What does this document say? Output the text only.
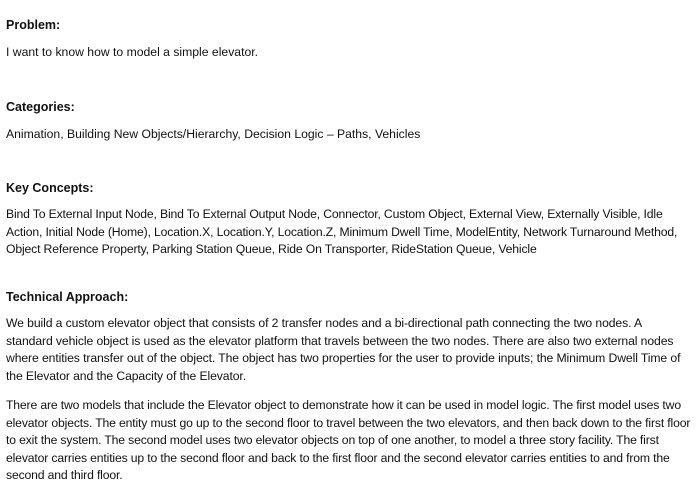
Problem:

I want to know how to model a simple elevator.

Categories:

Animation, Building New Objects/Hierarchy, Decision Logic – Paths, Vehicles

Key Concepts:

Bind To External Input Node, Bind To External Output Node, Connector, Custom Object, External View, Externally Visible, Idle Action, Initial Node (Home), Location.X, Location.Y, Location.Z, Minimum Dwell Time, ModelEntity, Network Turnaround Method, Object Reference Property, Parking Station Queue, Ride On Transporter, RideStation Queue, Vehicle

Technical Approach:

We build a custom elevator object that consists of 2 transfer nodes and a bi-directional path connecting the two nodes. A standard vehicle object is used as the elevator platform that travels between the two nodes. There are also two external nodes where entities transfer out of the object. The object has two properties for the user to provide inputs; the Minimum Dwell Time of the Elevator and the Capacity of the Elevator.

There are two models that include the Elevator object to demonstrate how it can be used in model logic. The first model uses two elevator objects. The entity must go up to the second floor to travel between the two elevators, and then back down to the first floor to exit the system. The second model uses two elevator objects on top of one another, to model a three story facility. The first elevator carries entities up to the second floor and back to the first floor and the second elevator carries entities to and from the second and third floor.
